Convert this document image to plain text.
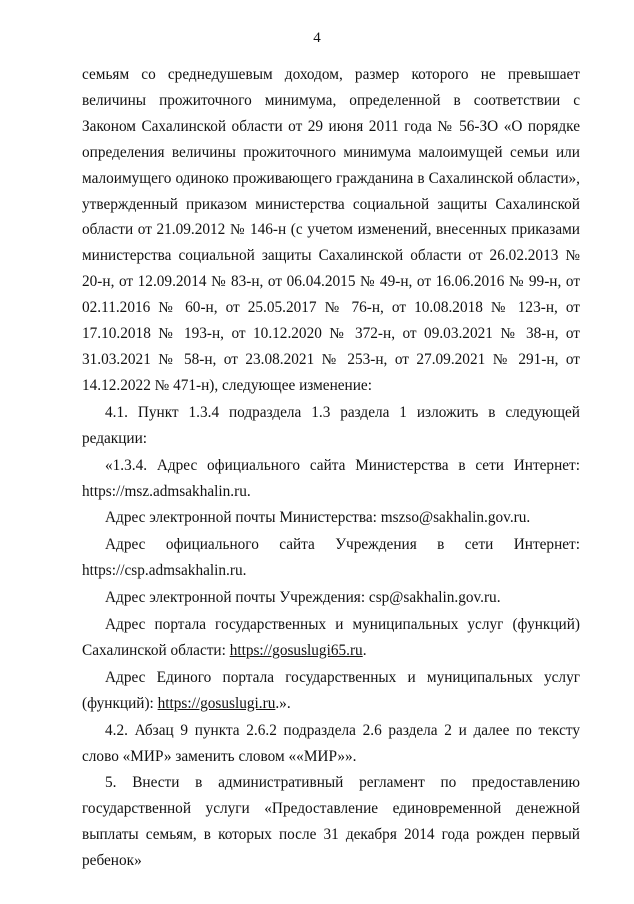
4

семьям со среднедушевым доходом, размер которого не превышает величины прожиточного минимума, определенной в соответствии с Законом Сахалинской области от 29 июня 2011 года № 56-ЗО «О порядке определения величины прожиточного минимума малоимущей семьи или малоимущего одиноко проживающего гражданина в Сахалинской области», утвержденный приказом министерства социальной защиты Сахалинской области от 21.09.2012 № 146-н (с учетом изменений, внесенных приказами министерства социальной защиты Сахалинской области от 26.02.2013 № 20-н, от 12.09.2014 № 83-н, от 06.04.2015 № 49-н, от 16.06.2016 № 99-н, от 02.11.2016 № 60-н, от 25.05.2017 № 76-н, от 10.08.2018 № 123-н, от 17.10.2018 № 193-н, от 10.12.2020 № 372-н, от 09.03.2021 № 38-н, от 31.03.2021 № 58-н, от 23.08.2021 № 253-н, от 27.09.2021 № 291-н, от 14.12.2022 № 471-н), следующее изменение:

4.1. Пункт 1.3.4 подраздела 1.3 раздела 1 изложить в следующей редакции:

«1.3.4. Адрес официального сайта Министерства в сети Интернет: https://msz.admsakhalin.ru.

Адрес электронной почты Министерства: mszso@sakhalin.gov.ru.

Адрес официального сайта Учреждения в сети Интернет: https://csp.admsakhalin.ru.

Адрес электронной почты Учреждения: csp@sakhalin.gov.ru.

Адрес портала государственных и муниципальных услуг (функций) Сахалинской области: https://gosuslugi65.ru.

Адрес Единого портала государственных и муниципальных услуг (функций): https://gosuslugi.ru.».

4.2. Абзац 9 пункта 2.6.2 подраздела 2.6 раздела 2 и далее по тексту слово «МИР» заменить словом ««МИР»».

5. Внести в административный регламент по предоставлению государственной услуги «Предоставление единовременной денежной выплаты семьям, в которых после 31 декабря 2014 года рожден первый ребенок»
